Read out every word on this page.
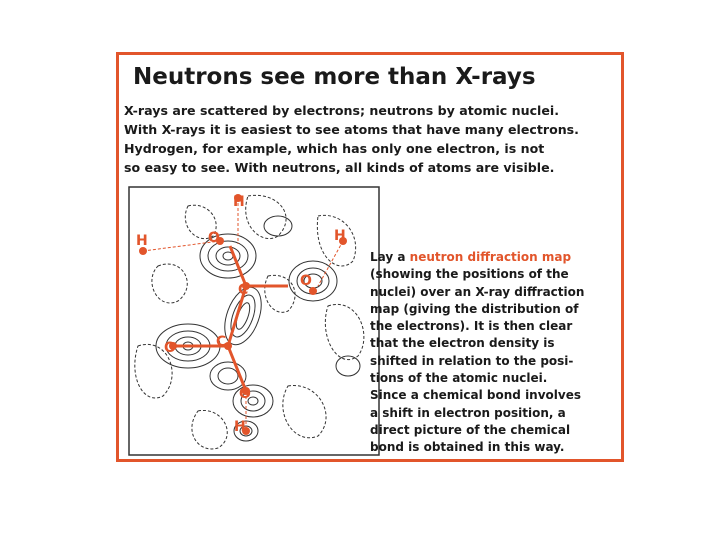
Neutrons see more than X-rays
X-rays are scattered by electrons; neutrons by atomic nuclei.
With X-rays it is easiest to see atoms that have many electrons.
Hydrogen, for example, which has only one electron, is not
so easy to see. With neutrons, all kinds of atoms are visible.
H
H	O	H
C
O
O	C
O
H
Lay a neutron diffraction map
(showing the positions of the
nuclei) over an X-ray diffraction
map (giving the distribution of
the electrons). It is then clear
that the electron density is
shifted in relation to the posi-
tions of the atomic nuclei.
Since a chemical bond involves
a shift in electron position, a
direct picture of the chemical
bond is obtained in this way.
